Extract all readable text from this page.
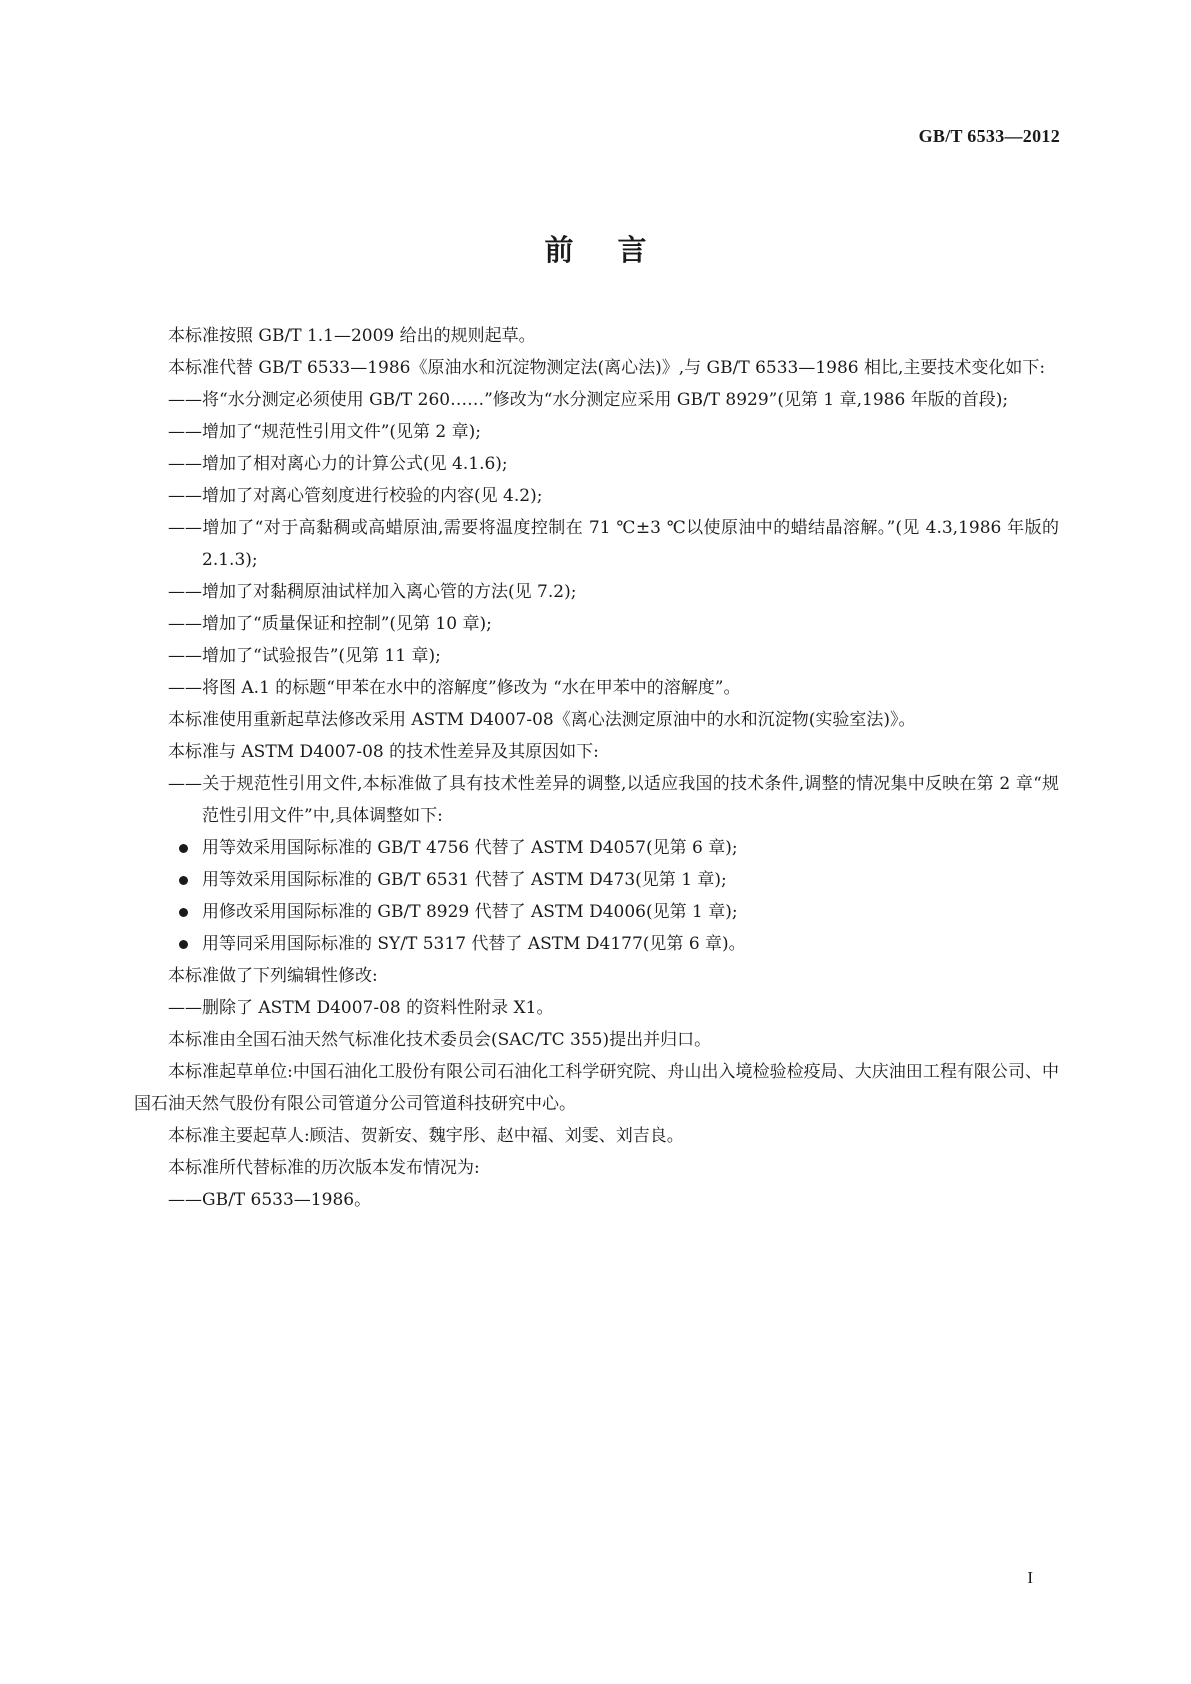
GB/T 6533—2012
前言

本标准按照 GB/T 1.1—2009 给出的规则起草。

本标准代替 GB/T 6533—1986《原油水和沉淀物测定法(离心法)》,与 GB/T 6533—1986 相比,主要技术变化如下:

——将“水分测定必须使用 GB/T 260……”修改为“水分测定应采用 GB/T 8929”(见第 1 章,1986 年版的首段);

——增加了“规范性引用文件”(见第 2 章);

——增加了相对离心力的计算公式(见 4.1.6);

——增加了对离心管刻度进行校验的内容(见 4.2);

——增加了“对于高黏稠或高蜡原油,需要将温度控制在 71 ℃±3 ℃以使原油中的蜡结晶溶解。”(见 4.3,1986 年版的 2.1.3);

——增加了对黏稠原油试样加入离心管的方法(见 7.2);

——增加了“质量保证和控制”(见第 10 章);

——增加了“试验报告”(见第 11 章);

——将图 A.1 的标题“甲苯在水中的溶解度”修改为 “水在甲苯中的溶解度”。

本标准使用重新起草法修改采用 ASTM D4007-08《离心法测定原油中的水和沉淀物(实验室法)》。

本标准与 ASTM D4007-08 的技术性差异及其原因如下:

——关于规范性引用文件,本标准做了具有技术性差异的调整,以适应我国的技术条件,调整的情况集中反映在第 2 章“规范性引用文件”中,具体调整如下:

用等效采用国际标准的 GB/T 4756 代替了 ASTM D4057(见第 6 章);

用等效采用国际标准的 GB/T 6531 代替了 ASTM D473(见第 1 章);

用修改采用国际标准的 GB/T 8929 代替了 ASTM D4006(见第 1 章);

用等同采用国际标准的 SY/T 5317 代替了 ASTM D4177(见第 6 章)。

本标准做了下列编辑性修改:

——删除了 ASTM D4007-08 的资料性附录 X1。

本标准由全国石油天然气标准化技术委员会(SAC/TC 355)提出并归口。

本标准起草单位:中国石油化工股份有限公司石油化工科学研究院、舟山出入境检验检疫局、大庆油田工程有限公司、中国石油天然气股份有限公司管道分公司管道科技研究中心。

本标准主要起草人:顾洁、贺新安、魏宇彤、赵中福、刘雯、刘吉良。

本标准所代替标准的历次版本发布情况为:

——GB/T 6533—1986。

I
